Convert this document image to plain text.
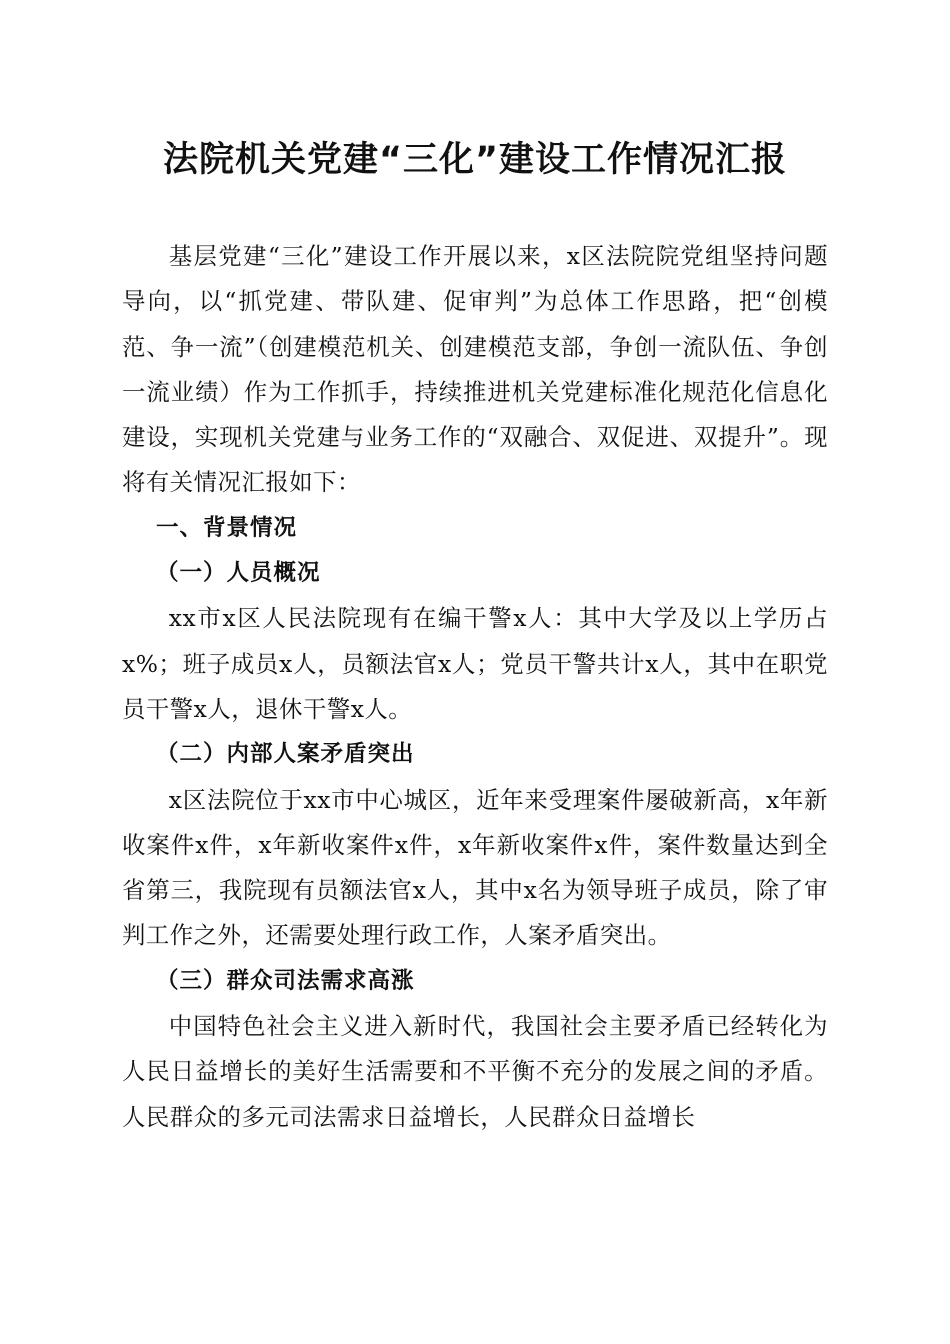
法院机关党建“三化”建设工作情况汇报

基层党建“三化”建设工作开展以来，x区法院院党组坚持问题导向，以“抓党建、带队建、促审判”为总体工作思路，把“创模范、争一流”（创建模范机关、创建模范支部，争创一流队伍、争创一流业绩）作为工作抓手，持续推进机关党建标准化规范化信息化建设，实现机关党建与业务工作的“双融合、双促进、双提升”。现将有关情况汇报如下：

一、背景情况
（一）人员概况

xx市x区人民法院现有在编干警x人：其中大学及以上学历占x%；班子成员x人，员额法官x人；党员干警共计x人，其中在职党员干警x人，退休干警x人。

（二）内部人案矛盾突出

x区法院位于xx市中心城区，近年来受理案件屡破新高，x年新收案件x件，x年新收案件x件，x年新收案件x件，案件数量达到全省第三，我院现有员额法官x人，其中x名为领导班子成员，除了审判工作之外，还需要处理行政工作，人案矛盾突出。

（三）群众司法需求高涨

中国特色社会主义进入新时代，我国社会主要矛盾已经转化为人民日益增长的美好生活需要和不平衡不充分的发展之间的矛盾。人民群众的多元司法需求日益增长，人民群众日益增长
